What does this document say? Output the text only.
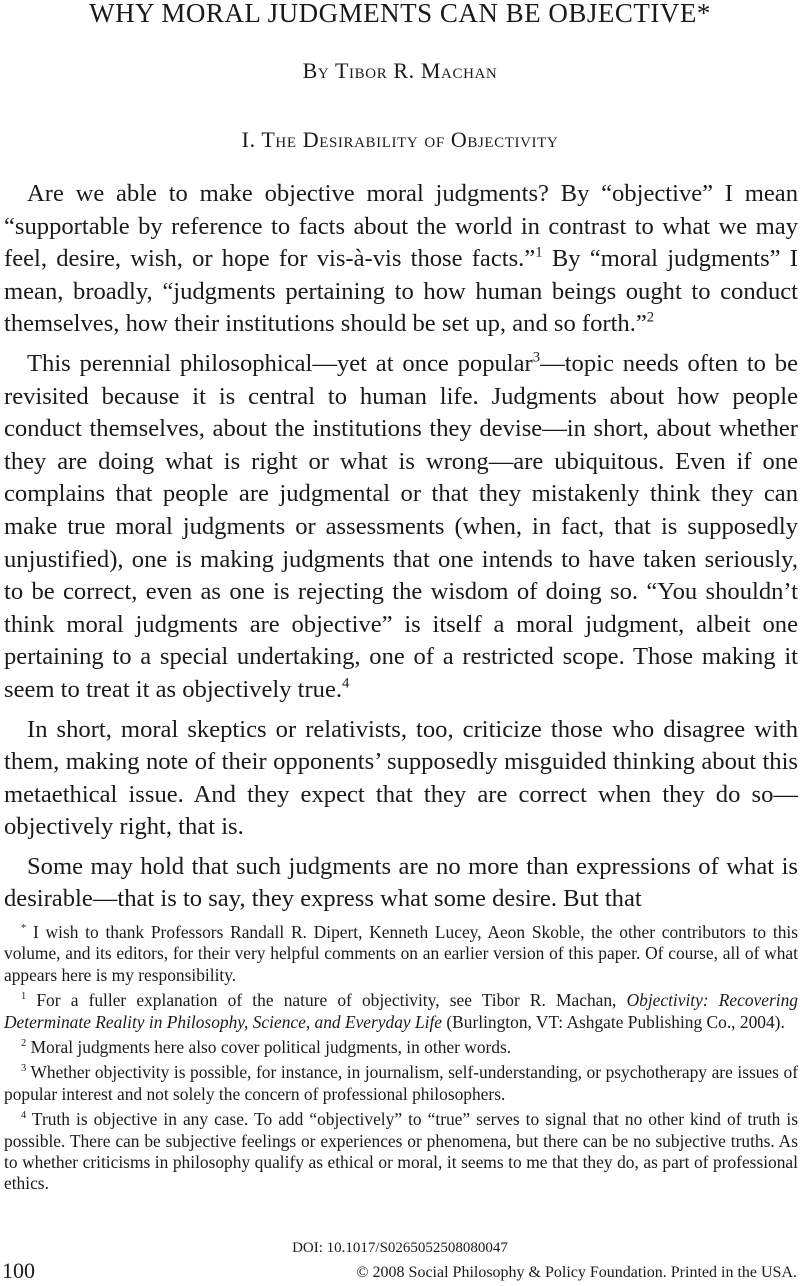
WHY MORAL JUDGMENTS CAN BE OBJECTIVE*
By Tibor R. Machan
I. The Desirability of Objectivity

Are we able to make objective moral judgments? By “objective” I mean “supportable by reference to facts about the world in contrast to what we may feel, desire, wish, or hope for vis-à-vis those facts.”$^1$ By “moral judgments” I mean, broadly, “judgments pertaining to how human beings ought to conduct themselves, how their institutions should be set up, and so forth.”$^2$

This perennial philosophical—yet at once popular$^3$—topic needs often to be revisited because it is central to human life. Judgments about how people conduct themselves, about the institutions they devise—in short, about whether they are doing what is right or what is wrong—are ubiquitous. Even if one complains that people are judgmental or that they mistakenly think they can make true moral judgments or assessments (when, in fact, that is supposedly unjustified), one is making judgments that one intends to have taken seriously, to be correct, even as one is rejecting the wisdom of doing so. “You shouldn’t think moral judgments are objective” is itself a moral judgment, albeit one pertaining to a special undertaking, one of a restricted scope. Those making it seem to treat it as objectively true.$^4$

In short, moral skeptics or relativists, too, criticize those who disagree with them, making note of their opponents’ supposedly misguided thinking about this metaethical issue. And they expect that they are correct when they do so—objectively right, that is.

Some may hold that such judgments are no more than expressions of what is desirable—that is to say, they express what some desire. But that

* I wish to thank Professors Randall R. Dipert, Kenneth Lucey, Aeon Skoble, the other contributors to this volume, and its editors, for their very helpful comments on an earlier version of this paper. Of course, all of what appears here is my responsibility.

$^1$ For a fuller explanation of the nature of objectivity, see Tibor R. Machan, Objectivity: Recovering Determinate Reality in Philosophy, Science, and Everyday Life (Burlington, VT: Ashgate Publishing Co., 2004).

$^2$ Moral judgments here also cover political judgments, in other words.

$^3$ Whether objectivity is possible, for instance, in journalism, self-understanding, or psychotherapy are issues of popular interest and not solely the concern of professional philosophers.

$^4$ Truth is objective in any case. To add “objectively” to “true” serves to signal that no other kind of truth is possible. There can be subjective feelings or experiences or phenomena, but there can be no subjective truths. As to whether criticisms in philosophy qualify as ethical or moral, it seems to me that they do, as part of professional ethics.

DOI: 10.1017/S0265052508080047
100	© 2008 Social Philosophy & Policy Foundation. Printed in the USA.
